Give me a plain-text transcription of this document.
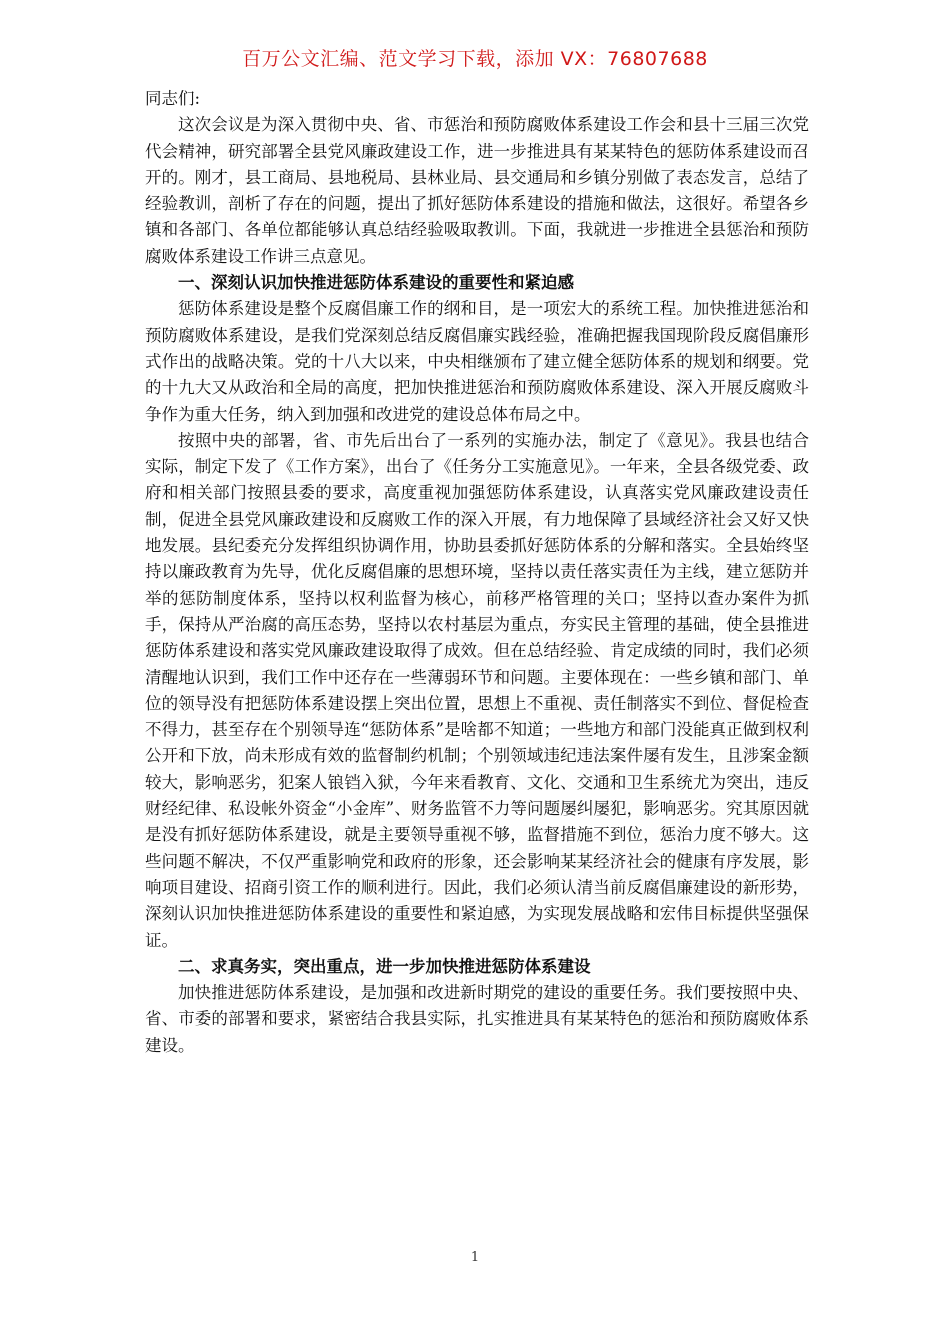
百万公文汇编、范文学习下载，添加 VX：76807688

同志们:

这次会议是为深入贯彻中央、省、市惩治和预防腐败体系建设工作会和县十三届三次党代会精神，研究部署全县党风廉政建设工作，进一步推进具有某某特色的惩防体系建设而召开的。刚才，县工商局、县地税局、县林业局、县交通局和乡镇分别做了表态发言，总结了经验教训，剖析了存在的问题，提出了抓好惩防体系建设的措施和做法，这很好。希望各乡镇和各部门、各单位都能够认真总结经验吸取教训。下面，我就进一步推进全县惩治和预防腐败体系建设工作讲三点意见。

一、深刻认识加快推进惩防体系建设的重要性和紧迫感

惩防体系建设是整个反腐倡廉工作的纲和目，是一项宏大的系统工程。加快推进惩治和预防腐败体系建设，是我们党深刻总结反腐倡廉实践经验，准确把握我国现阶段反腐倡廉形式作出的战略决策。党的十八大以来，中央相继颁布了建立健全惩防体系的规划和纲要。党的十九大又从政治和全局的高度，把加快推进惩治和预防腐败体系建设、深入开展反腐败斗争作为重大任务，纳入到加强和改进党的建设总体布局之中。

按照中央的部署，省、市先后出台了一系列的实施办法，制定了《意见》。我县也结合实际，制定下发了《工作方案》，出台了《任务分工实施意见》。一年来，全县各级党委、政府和相关部门按照县委的要求，高度重视加强惩防体系建设，认真落实党风廉政建设责任制，促进全县党风廉政建设和反腐败工作的深入开展，有力地保障了县域经济社会又好又快地发展。县纪委充分发挥组织协调作用，协助县委抓好惩防体系的分解和落实。全县始终坚持以廉政教育为先导，优化反腐倡廉的思想环境，坚持以责任落实责任为主线，建立惩防并举的惩防制度体系，坚持以权利监督为核心，前移严格管理的关口；坚持以查办案件为抓手，保持从严治腐的高压态势，坚持以农村基层为重点，夯实民主管理的基础，使全县推进惩防体系建设和落实党风廉政建设取得了成效。但在总结经验、肯定成绩的同时，我们必须清醒地认识到，我们工作中还存在一些薄弱环节和问题。主要体现在：一些乡镇和部门、单位的领导没有把惩防体系建设摆上突出位置，思想上不重视、责任制落实不到位、督促检查不得力，甚至存在个别领导连“惩防体系”是啥都不知道；一些地方和部门没能真正做到权利公开和下放，尚未形成有效的监督制约机制；个别领域违纪违法案件屡有发生，且涉案金额较大，影响恶劣，犯案人锒铛入狱，今年来看教育、文化、交通和卫生系统尤为突出，违反财经纪律、私设帐外资金“小金库”、财务监管不力等问题屡纠屡犯，影响恶劣。究其原因就是没有抓好惩防体系建设，就是主要领导重视不够，监督措施不到位，惩治力度不够大。这些问题不解决，不仅严重影响党和政府的形象，还会影响某某经济社会的健康有序发展，影响项目建设、招商引资工作的顺利进行。因此，我们必须认清当前反腐倡廉建设的新形势，深刻认识加快推进惩防体系建设的重要性和紧迫感，为实现发展战略和宏伟目标提供坚强保证。

二、求真务实，突出重点，进一步加快推进惩防体系建设

加快推进惩防体系建设，是加强和改进新时期党的建设的重要任务。我们要按照中央、省、市委的部署和要求，紧密结合我县实际，扎实推进具有某某特色的惩治和预防腐败体系建设。

1
